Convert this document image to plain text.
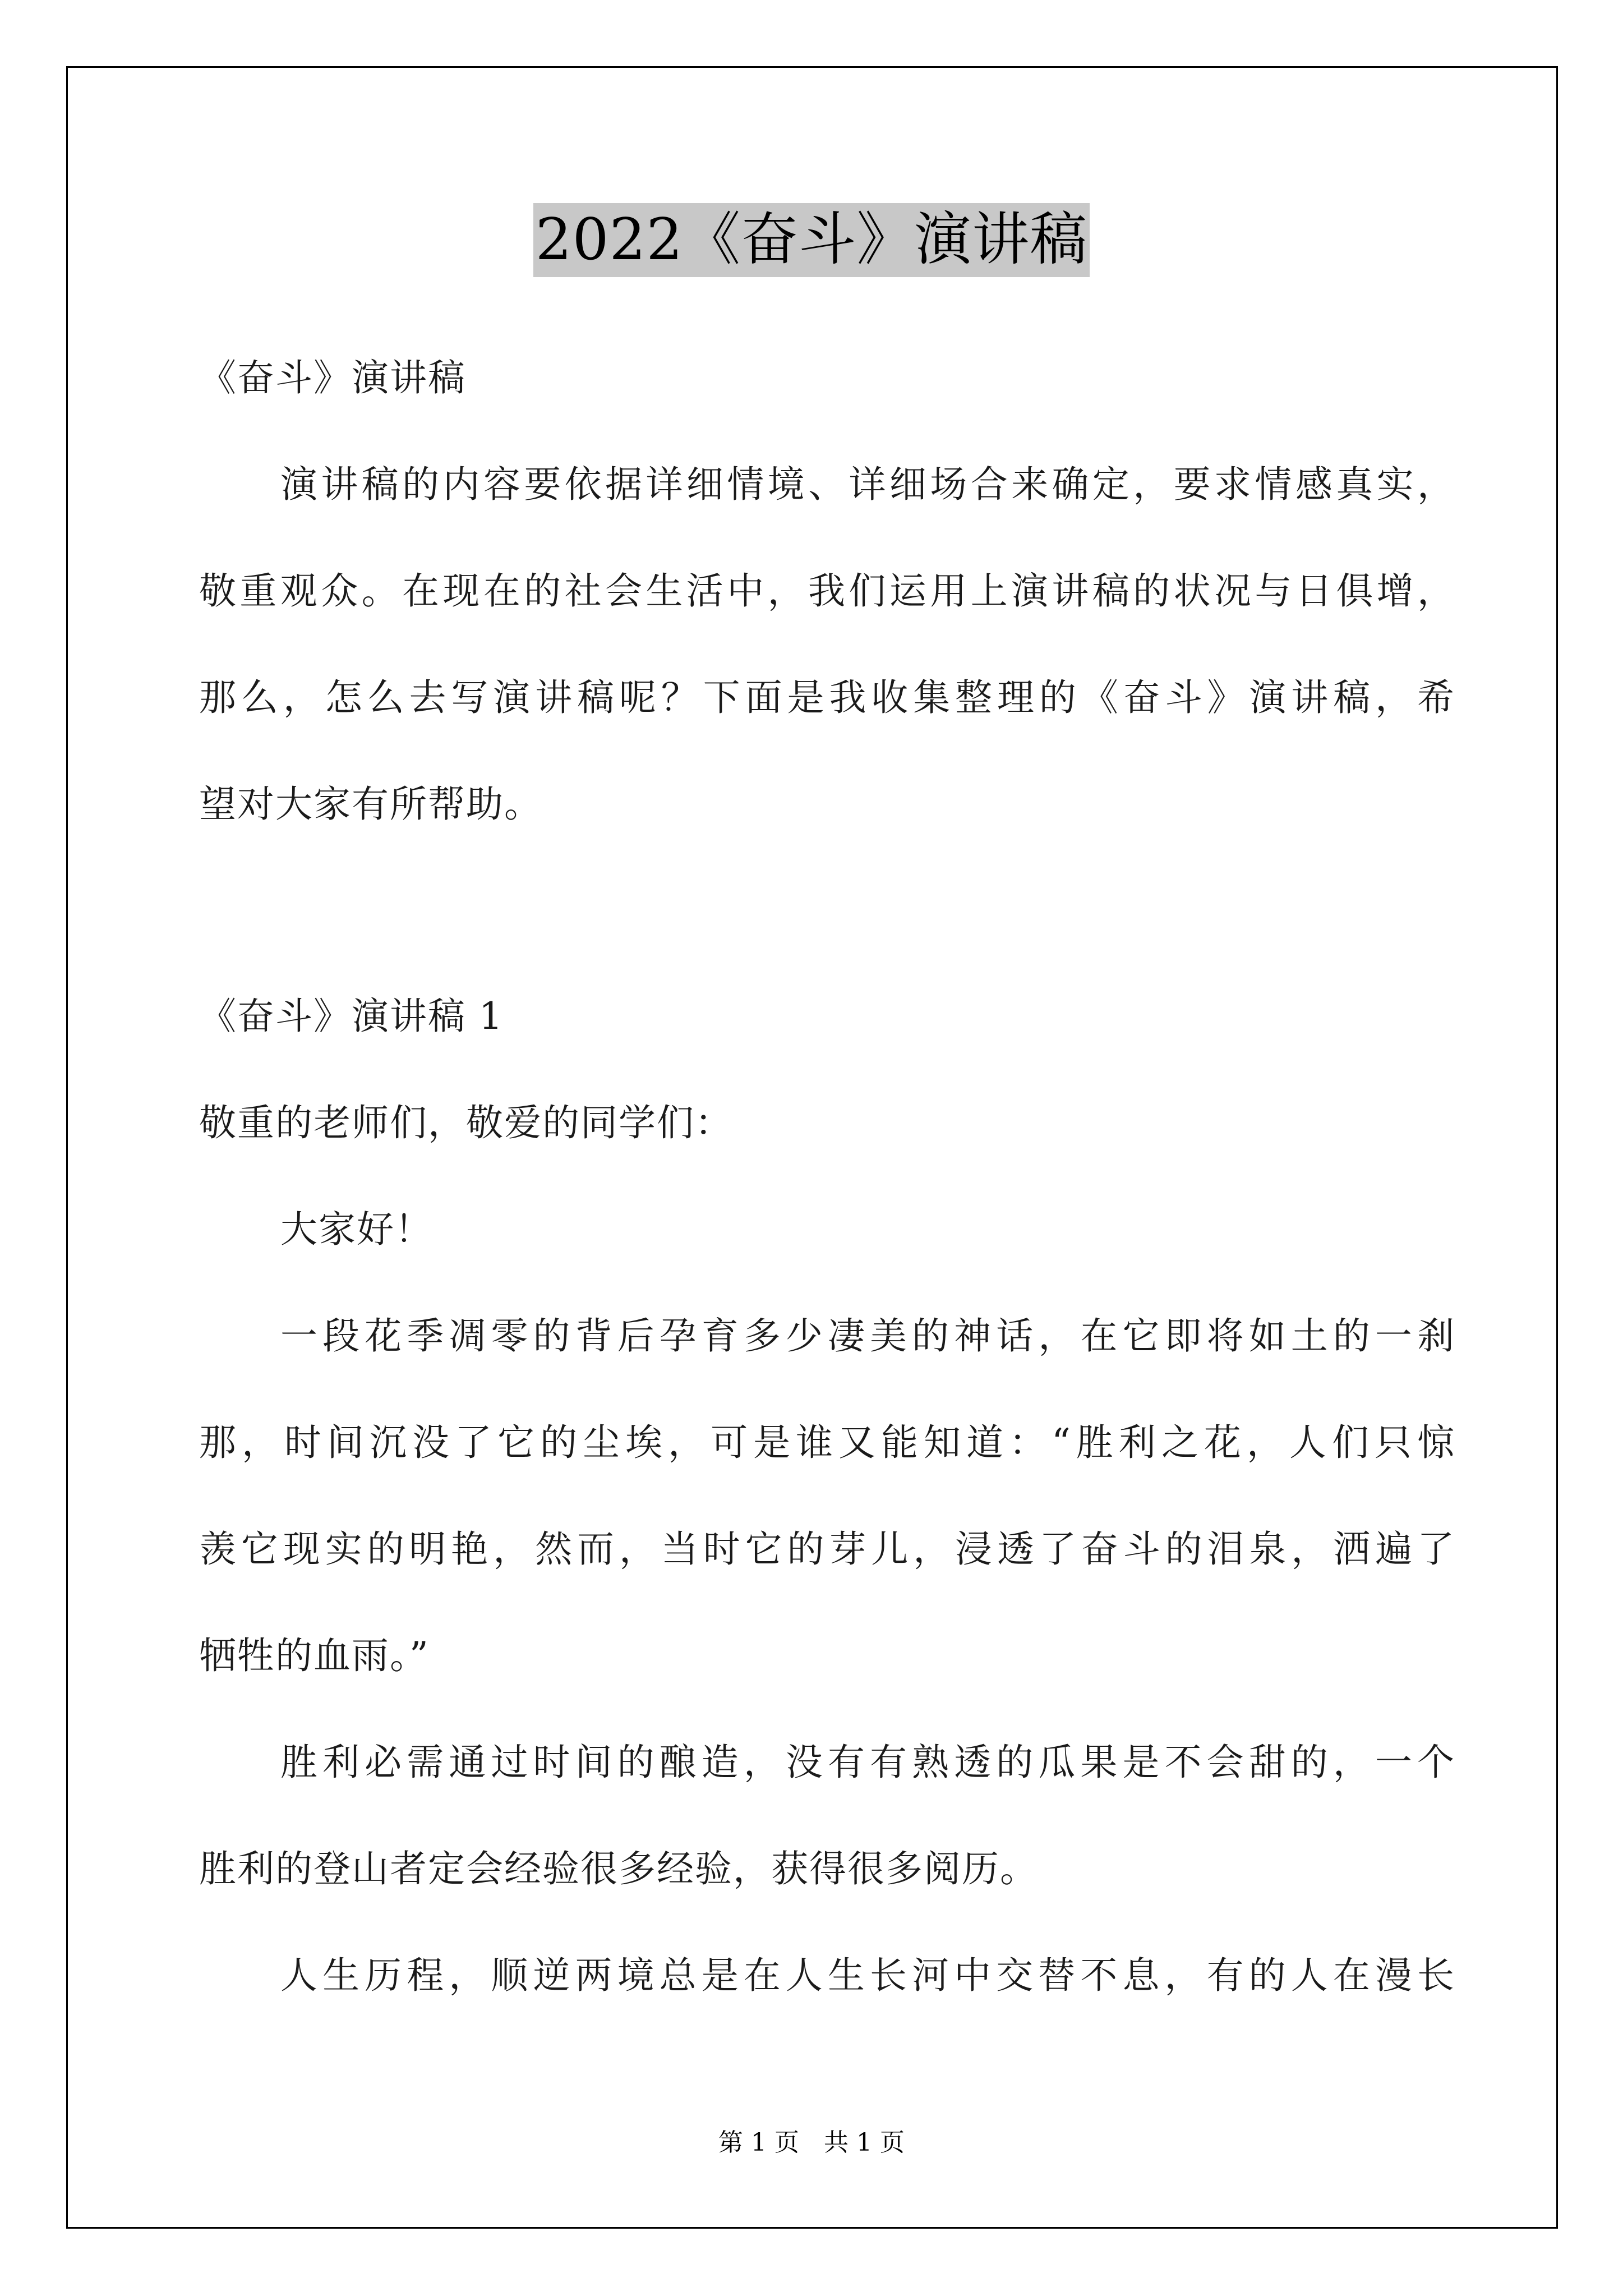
2022《奋斗》演讲稿
《奋斗》演讲稿
演讲稿的内容要依据详细情境、详细场合来确定，要求情感真实，
敬重观众。在现在的社会生活中，我们运用上演讲稿的状况与日俱增，
那么，怎么去写演讲稿呢？下面是我收集整理的《奋斗》演讲稿，希
望对大家有所帮助。
《奋斗》演讲稿 1
敬重的老师们，敬爱的同学们：
大家好！
一段花季凋零的背后孕育多少凄美的神话，在它即将如土的一刹
那，时间沉没了它的尘埃，可是谁又能知道：“胜利之花，人们只惊
羡它现实的明艳，然而，当时它的芽儿，浸透了奋斗的泪泉，洒遍了
牺牲的血雨。”
胜利必需通过时间的酿造，没有有熟透的瓜果是不会甜的，一个
胜利的登山者定会经验很多经验，获得很多阅历。
人生历程，顺逆两境总是在人生长河中交替不息，有的人在漫长
第 1 页　共 1 页
